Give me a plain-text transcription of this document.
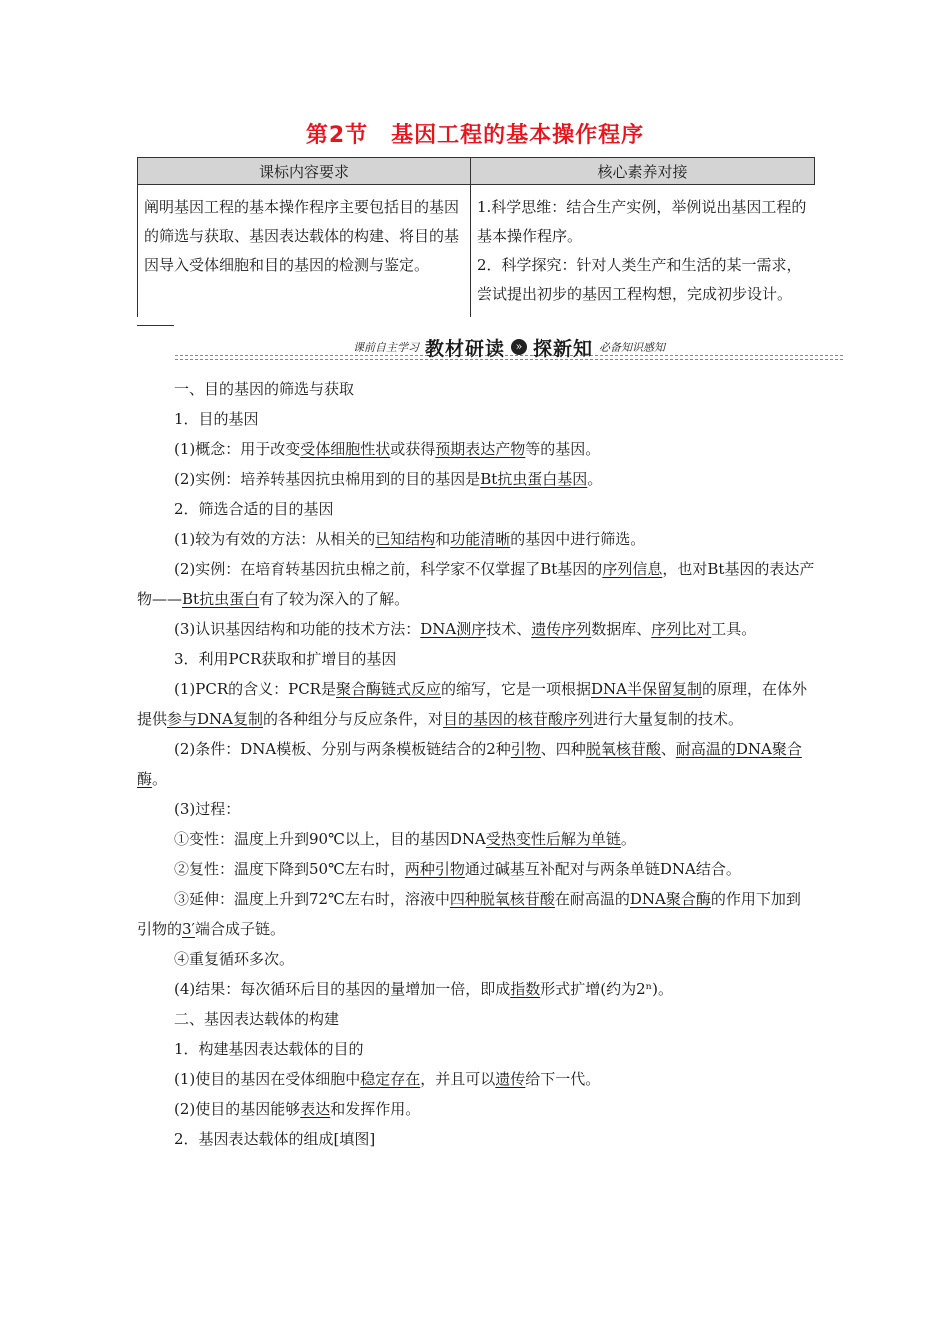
第2节　基因工程的基本操作程序
课标内容要求	核心素养对接
阐明基因工程的基本操作程序主要包括目的基因的筛选与获取、基因表达载体的构建、将目的基因导入受体细胞和目的基因的检测与鉴定。	1.科学思维：结合生产实例，举例说出基因工程的基本操作程序。
2．科学探究：针对人类生产和生活的某一需求，尝试提出初步的基因工程构想，完成初步设计。
课前自主学习 教材研读 » 探新知 必备知识感知

一、目的基因的筛选与获取

1．目的基因

(1)概念：用于改变受体细胞性状或获得预期表达产物等的基因。

(2)实例：培养转基因抗虫棉用到的目的基因是Bt抗虫蛋白基因。

2．筛选合适的目的基因

(1)较为有效的方法：从相关的已知结构和功能清晰的基因中进行筛选。

(2)实例：在培育转基因抗虫棉之前，科学家不仅掌握了Bt基因的序列信息，也对Bt基因的表达产物——Bt抗虫蛋白有了较为深入的了解。

(3)认识基因结构和功能的技术方法：DNA测序技术、遗传序列数据库、序列比对工具。

3．利用PCR获取和扩增目的基因

(1)PCR的含义：PCR是聚合酶链式反应的缩写，它是一项根据DNA半保留复制的原理，在体外提供参与DNA复制的各种组分与反应条件，对目的基因的核苷酸序列进行大量复制的技术。

(2)条件：DNA模板、分别与两条模板链结合的2种引物、四种脱氧核苷酸、耐高温的DNA聚合酶。

(3)过程：

①变性：温度上升到90℃以上，目的基因DNA受热变性后解为单链。

②复性：温度下降到50℃左右时，两种引物通过碱基互补配对与两条单链DNA结合。

③延伸：温度上升到72℃左右时，溶液中四种脱氧核苷酸在耐高温的DNA聚合酶的作用下加到引物的3′端合成子链。

④重复循环多次。

(4)结果：每次循环后目的基因的量增加一倍，即成指数形式扩增(约为2ⁿ)。

二、基因表达载体的构建

1．构建基因表达载体的目的

(1)使目的基因在受体细胞中稳定存在，并且可以遗传给下一代。

(2)使目的基因能够表达和发挥作用。

2．基因表达载体的组成[填图]
